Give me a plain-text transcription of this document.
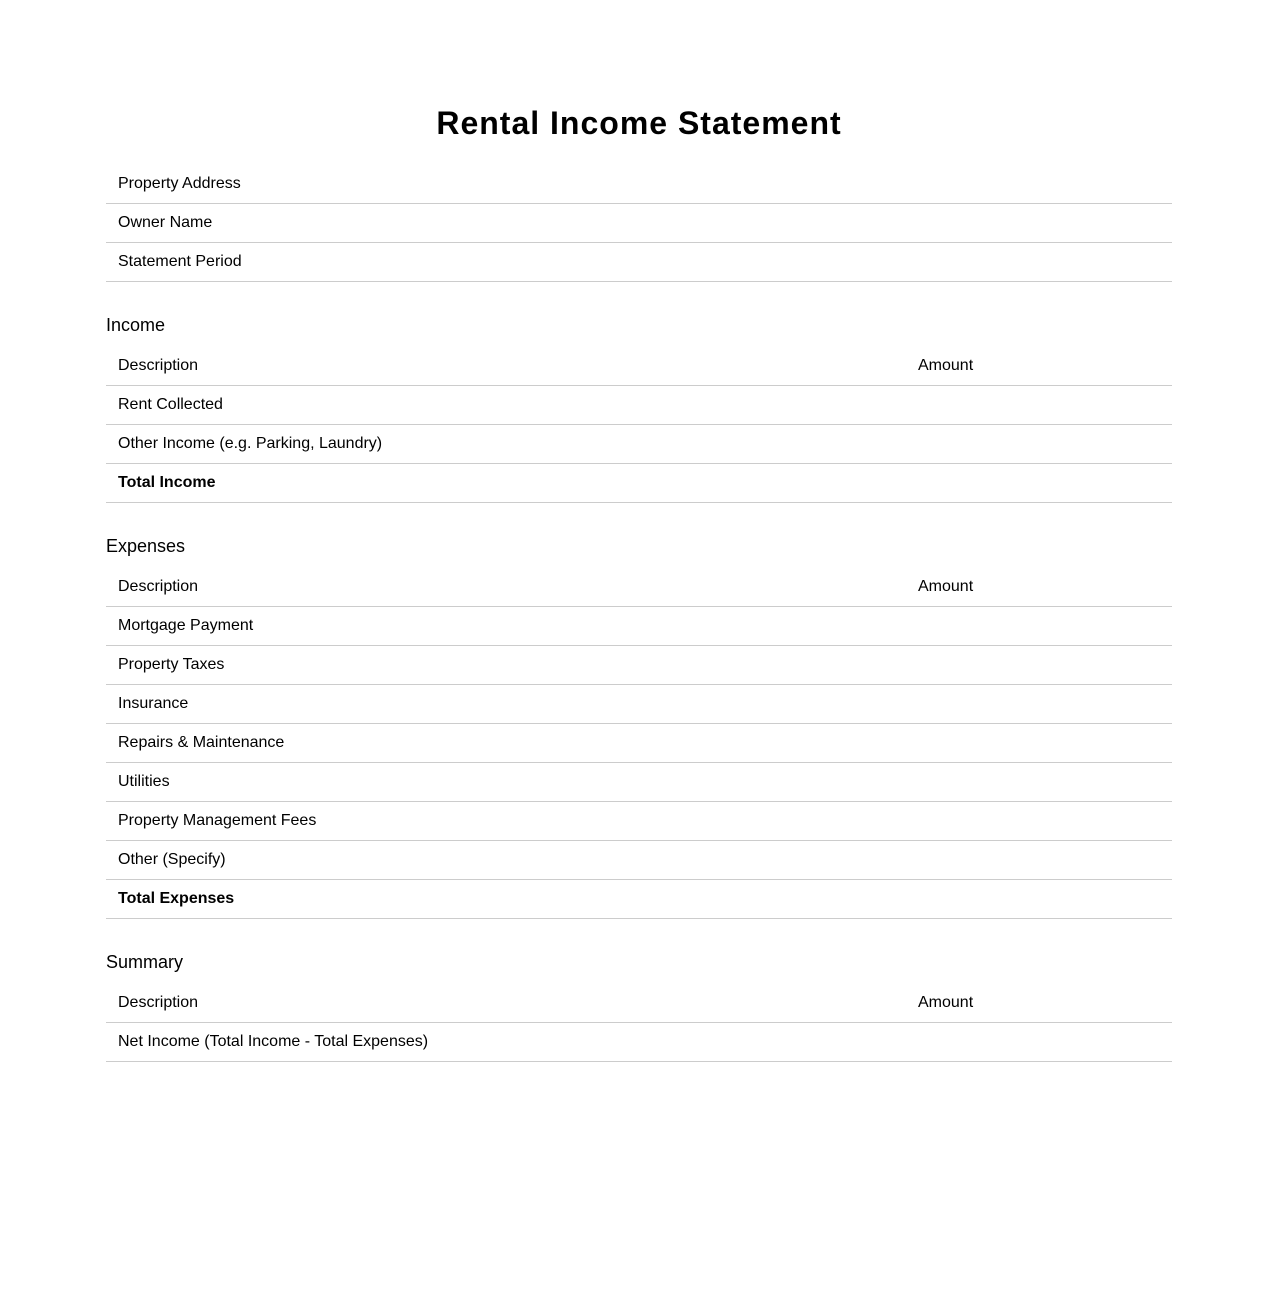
Rental Income Statement
Property Address
Owner Name
Statement Period
Income
Description	Amount
Rent Collected	
Other Income (e.g. Parking, Laundry)	
Total Income	
Expenses
Description	Amount
Mortgage Payment	
Property Taxes	
Insurance	
Repairs & Maintenance	
Utilities	
Property Management Fees	
Other (Specify)	
Total Expenses	
Summary
Description	Amount
Net Income (Total Income - Total Expenses)	
